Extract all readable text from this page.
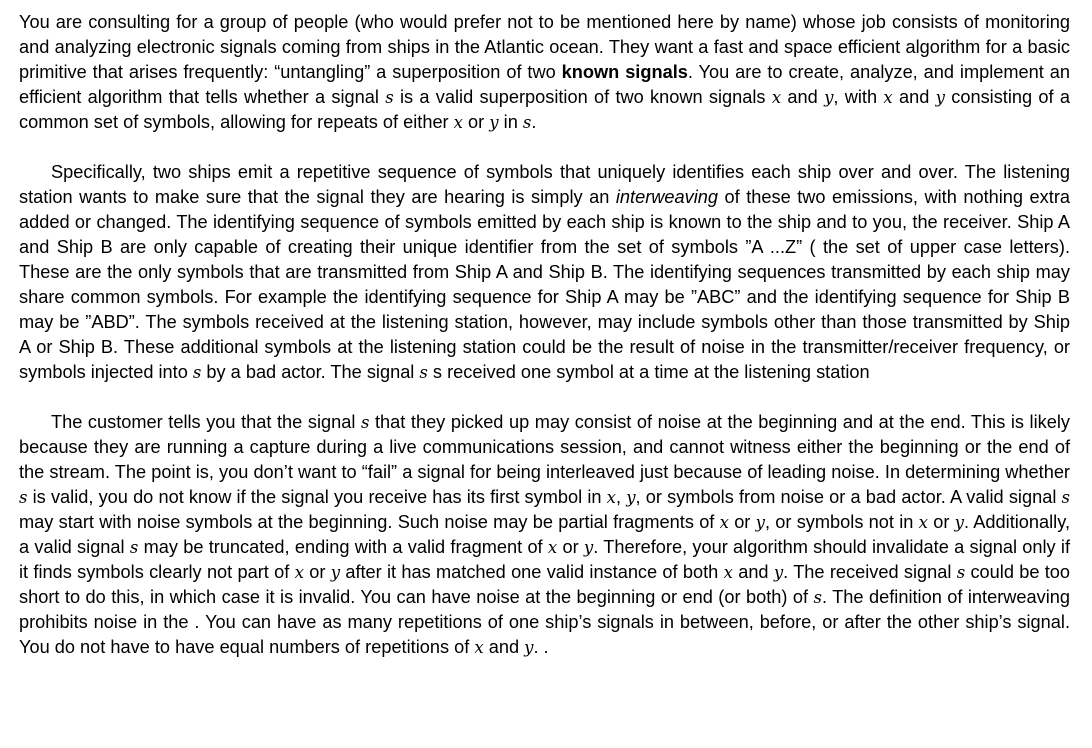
You are consulting for a group of people (who would prefer not to be mentioned here by name) whose job consists of monitoring and analyzing electronic signals coming from ships in the Atlantic ocean. They want a fast and space efficient algorithm for a basic primitive that arises frequently: “untangling” a superposition of two known signals. You are to create, analyze, and implement an efficient algorithm that tells whether a signal s is a valid superposition of two known signals x and y, with x and y consisting of a common set of symbols, allowing for repeats of either x or y in s.

Specifically, two ships emit a repetitive sequence of symbols that uniquely identifies each ship over and over. The listening station wants to make sure that the signal they are hearing is simply an interweaving of these two emissions, with nothing extra added or changed. The identifying sequence of symbols emitted by each ship is known to the ship and to you, the receiver. Ship A and Ship B are only capable of creating their unique identifier from the set of symbols ”A ...Z” ( the set of upper case letters). These are the only symbols that are transmitted from Ship A and Ship B. The identifying sequences transmitted by each ship may share common symbols. For example the identifying sequence for Ship A may be ”ABC” and the identifying sequence for Ship B may be ”ABD”. The symbols received at the listening station, however, may include symbols other than those transmitted by Ship A or Ship B. These additional symbols at the listening station could be the result of noise in the transmitter/receiver frequency, or symbols injected into s by a bad actor. The signal s s received one symbol at a time at the listening station

The customer tells you that the signal s that they picked up may consist of noise at the beginning and at the end. This is likely because they are running a capture during a live communications session, and cannot witness either the beginning or the end of the stream. The point is, you don’t want to “fail” a signal for being interleaved just because of leading noise. In determining whether s is valid, you do not know if the signal you receive has its first symbol in x, y, or symbols from noise or a bad actor. A valid signal s may start with noise symbols at the beginning. Such noise may be partial fragments of x or y, or symbols not in x or y. Additionally, a valid signal s may be truncated, ending with a valid fragment of x or y. Therefore, your algorithm should invalidate a signal only if it finds symbols clearly not part of x or y after it has matched one valid instance of both x and y. The received signal s could be too short to do this, in which case it is invalid. You can have noise at the beginning or end (or both) of s. The definition of interweaving prohibits noise in the . You can have as many repetitions of one ship’s signals in between, before, or after the other ship’s signal. You do not have to have equal numbers of repetitions of x and y. .
